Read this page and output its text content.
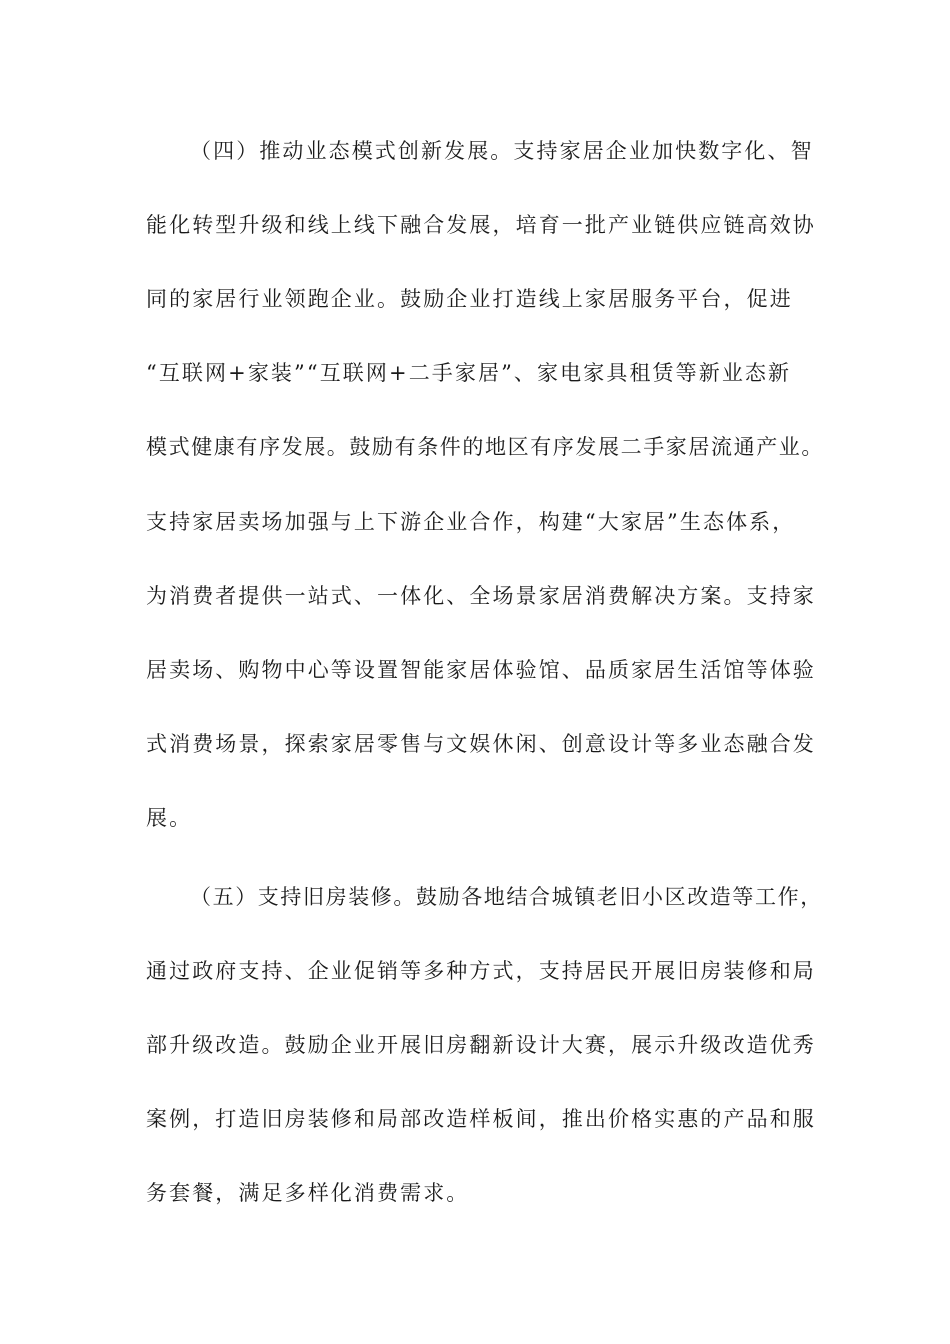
（四）推动业态模式创新发展。支持家居企业加快数字化、智
能化转型升级和线上线下融合发展，培育一批产业链供应链高效协
同的家居行业领跑企业。鼓励企业打造线上家居服务平台，促进
“互联网+家装”“互联网+二手家居”、家电家具租赁等新业态新
模式健康有序发展。鼓励有条件的地区有序发展二手家居流通产业。
支持家居卖场加强与上下游企业合作，构建“大家居”生态体系，
为消费者提供一站式、一体化、全场景家居消费解决方案。支持家
居卖场、购物中心等设置智能家居体验馆、品质家居生活馆等体验
式消费场景，探索家居零售与文娱休闲、创意设计等多业态融合发
展。
（五）支持旧房装修。鼓励各地结合城镇老旧小区改造等工作，
通过政府支持、企业促销等多种方式，支持居民开展旧房装修和局
部升级改造。鼓励企业开展旧房翻新设计大赛，展示升级改造优秀
案例，打造旧房装修和局部改造样板间，推出价格实惠的产品和服
务套餐，满足多样化消费需求。
